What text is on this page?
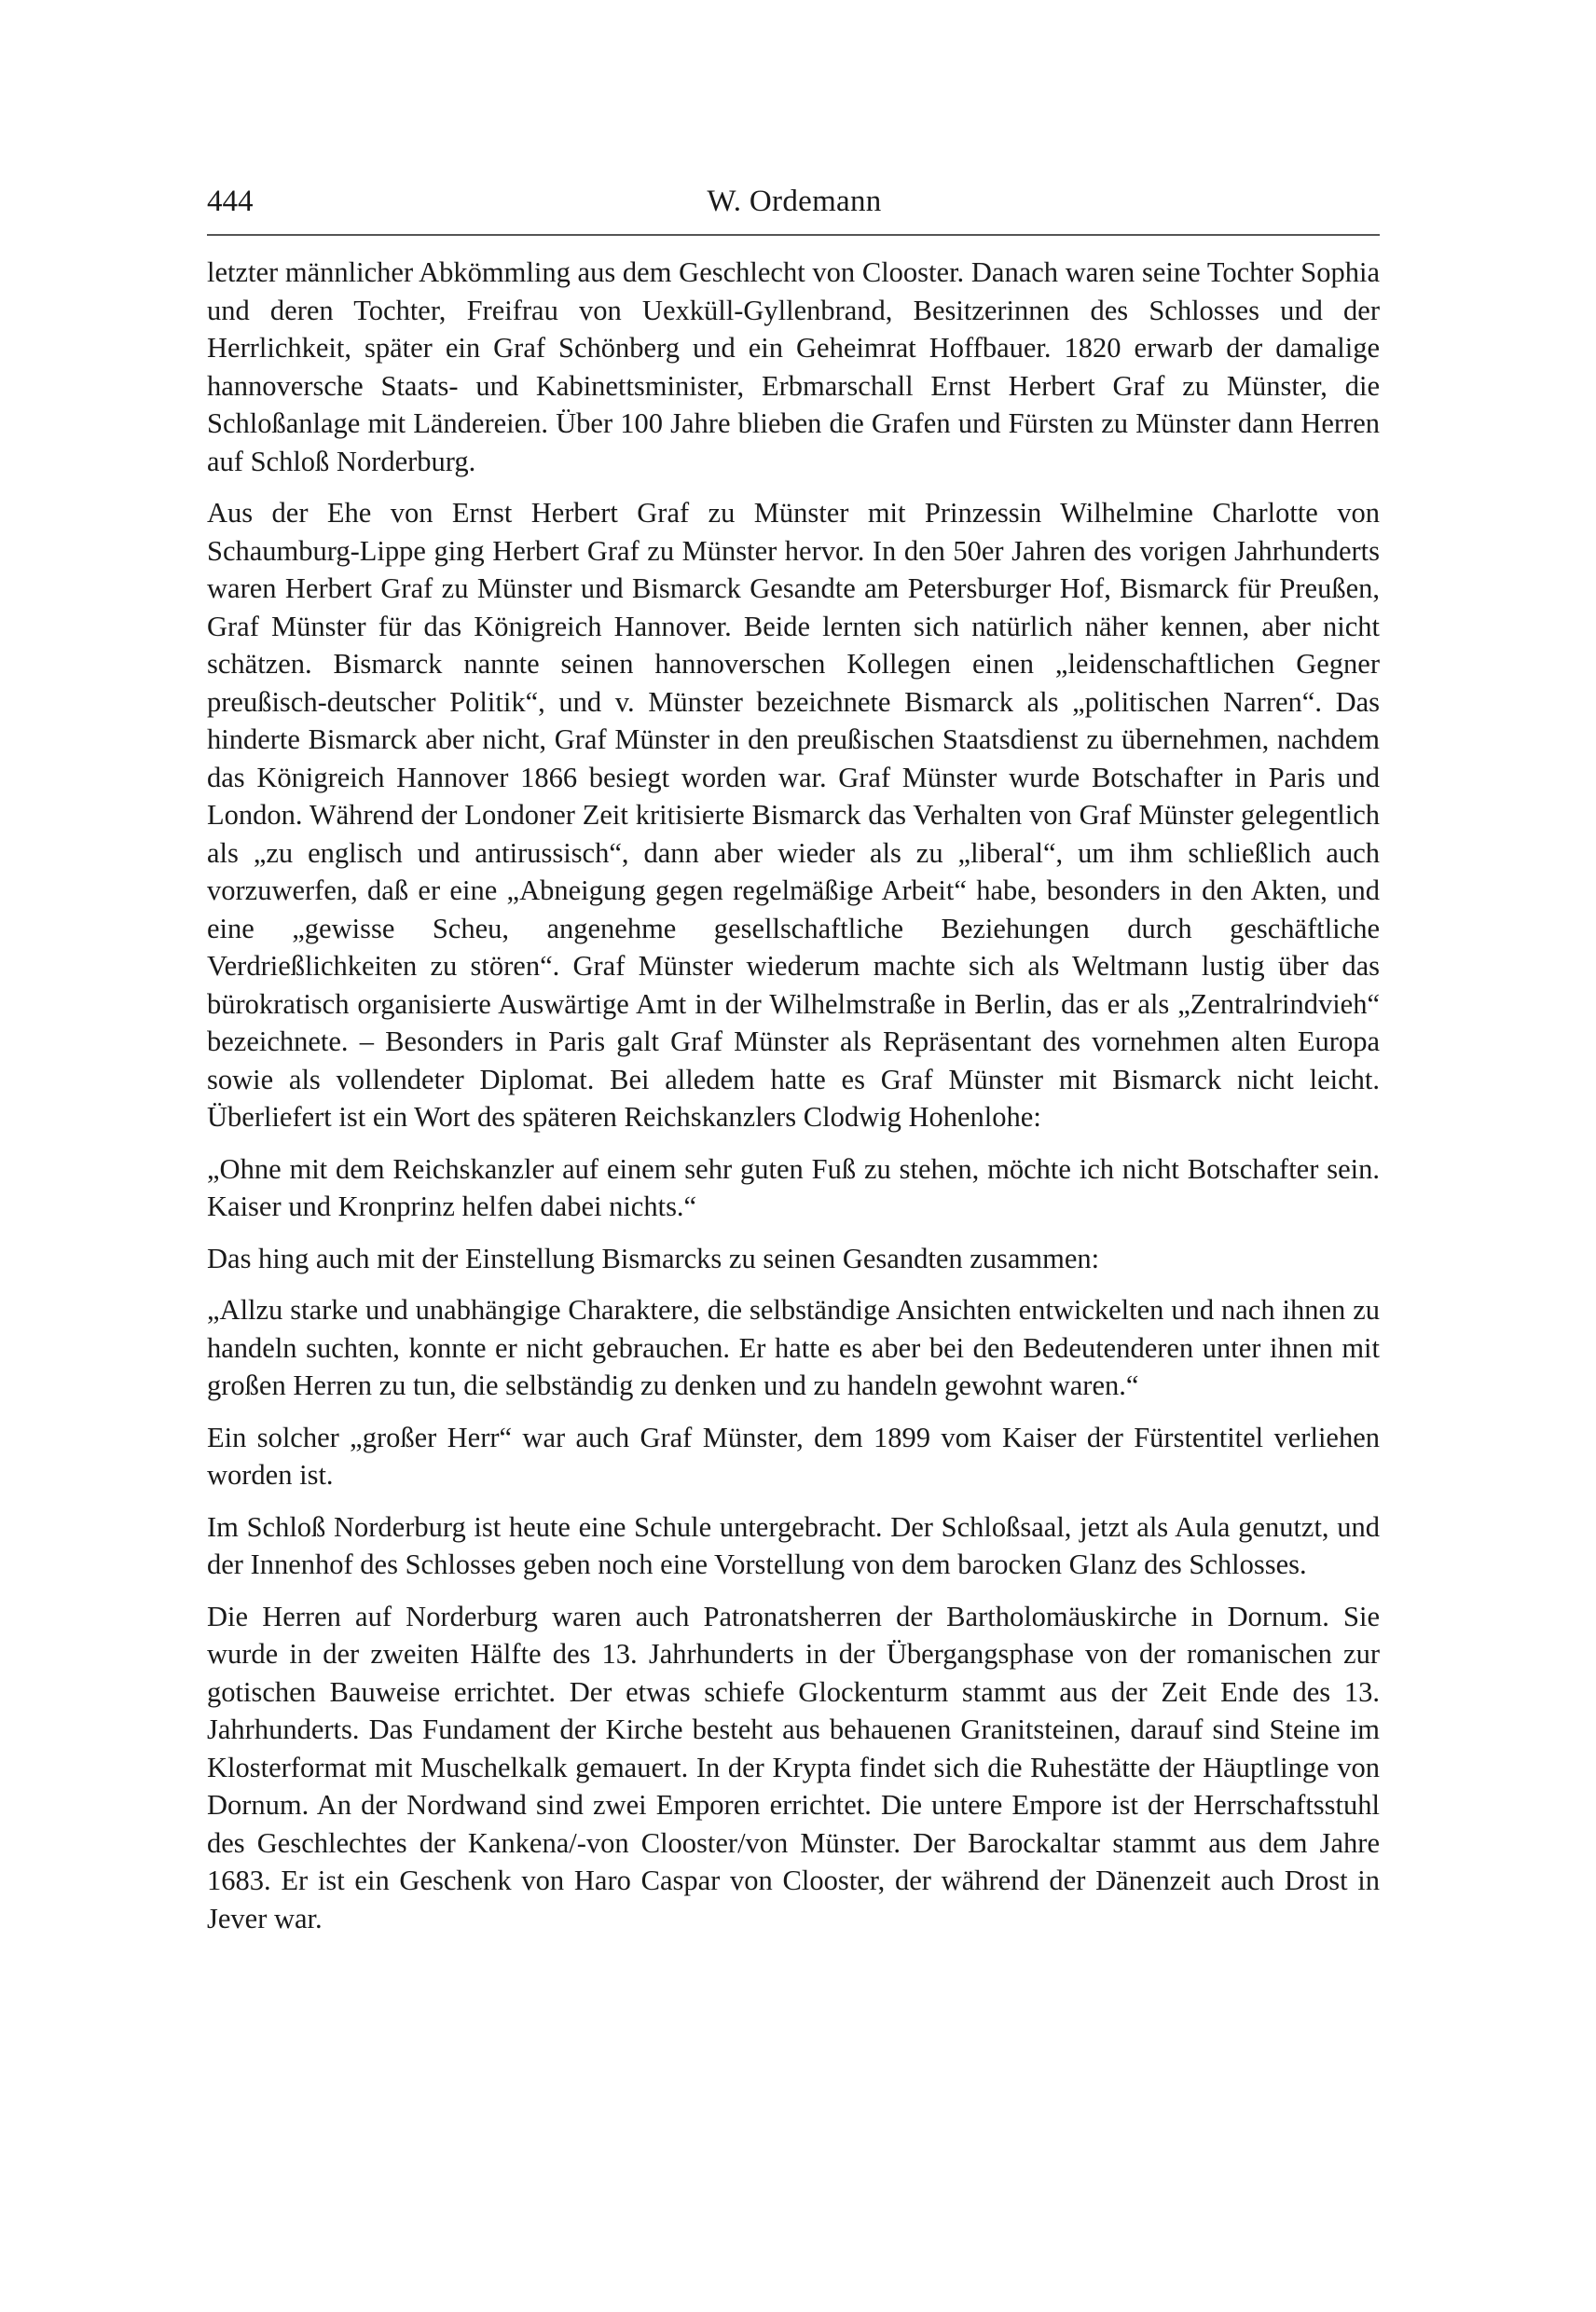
444	W. Ordemann

letzter männlicher Abkömmling aus dem Geschlecht von Clooster. Danach waren seine Tochter Sophia und deren Tochter, Freifrau von Uexküll-Gyllenbrand, Besitzerinnen des Schlosses und der Herrlichkeit, später ein Graf Schönberg und ein Geheimrat Hoffbauer. 1820 erwarb der damalige hannoversche Staats- und Kabinettsminister, Erbmarschall Ernst Herbert Graf zu Münster, die Schloßanlage mit Ländereien. Über 100 Jahre blieben die Grafen und Fürsten zu Münster dann Herren auf Schloß Norderburg.

Aus der Ehe von Ernst Herbert Graf zu Münster mit Prinzessin Wilhelmine Charlotte von Schaumburg-Lippe ging Herbert Graf zu Münster hervor. In den 50er Jahren des vorigen Jahrhunderts waren Herbert Graf zu Münster und Bismarck Gesandte am Petersburger Hof, Bismarck für Preußen, Graf Münster für das Königreich Hannover. Beide lernten sich natürlich näher kennen, aber nicht schätzen. Bismarck nannte seinen hannoverschen Kollegen einen „leidenschaftlichen Gegner preußisch-deutscher Politik“, und v. Münster bezeichnete Bismarck als „politischen Narren“. Das hinderte Bismarck aber nicht, Graf Münster in den preußischen Staatsdienst zu übernehmen, nachdem das Königreich Hannover 1866 besiegt worden war. Graf Münster wurde Botschafter in Paris und London. Während der Londoner Zeit kritisierte Bismarck das Verhalten von Graf Münster gelegentlich als „zu englisch und antirussisch“, dann aber wieder als zu „liberal“, um ihm schließlich auch vorzuwerfen, daß er eine „Abneigung gegen regelmäßige Arbeit“ habe, besonders in den Akten, und eine „gewisse Scheu, angenehme gesellschaftliche Beziehungen durch geschäftliche Verdrießlichkeiten zu stören“. Graf Münster wiederum machte sich als Weltmann lustig über das bürokratisch organisierte Auswärtige Amt in der Wilhelmstraße in Berlin, das er als „Zentralrindvieh“ bezeichnete. – Besonders in Paris galt Graf Münster als Repräsentant des vornehmen alten Europa sowie als vollendeter Diplomat. Bei alledem hatte es Graf Münster mit Bismarck nicht leicht. Überliefert ist ein Wort des späteren Reichskanzlers Clodwig Hohenlohe:

„Ohne mit dem Reichskanzler auf einem sehr guten Fuß zu stehen, möchte ich nicht Botschafter sein. Kaiser und Kronprinz helfen dabei nichts.“

Das hing auch mit der Einstellung Bismarcks zu seinen Gesandten zusammen:

„Allzu starke und unabhängige Charaktere, die selbständige Ansichten entwickelten und nach ihnen zu handeln suchten, konnte er nicht gebrauchen. Er hatte es aber bei den Bedeutenderen unter ihnen mit großen Herren zu tun, die selbständig zu denken und zu handeln gewohnt waren.“

Ein solcher „großer Herr“ war auch Graf Münster, dem 1899 vom Kaiser der Fürstentitel verliehen worden ist.

Im Schloß Norderburg ist heute eine Schule untergebracht. Der Schloßsaal, jetzt als Aula genutzt, und der Innenhof des Schlosses geben noch eine Vorstellung von dem barocken Glanz des Schlosses.

Die Herren auf Norderburg waren auch Patronatsherren der Bartholomäuskirche in Dornum. Sie wurde in der zweiten Hälfte des 13. Jahrhunderts in der Übergangsphase von der romanischen zur gotischen Bauweise errichtet. Der etwas schiefe Glockenturm stammt aus der Zeit Ende des 13. Jahrhunderts. Das Fundament der Kirche besteht aus behauenen Granitsteinen, darauf sind Steine im Klosterformat mit Muschelkalk gemauert. In der Krypta findet sich die Ruhestätte der Häuptlinge von Dornum. An der Nordwand sind zwei Emporen errichtet. Die untere Empore ist der Herrschaftsstuhl des Geschlechtes der Kankena/-von Clooster/von Münster. Der Barockaltar stammt aus dem Jahre 1683. Er ist ein Geschenk von Haro Caspar von Clooster, der während der Dänenzeit auch Drost in Jever war.
